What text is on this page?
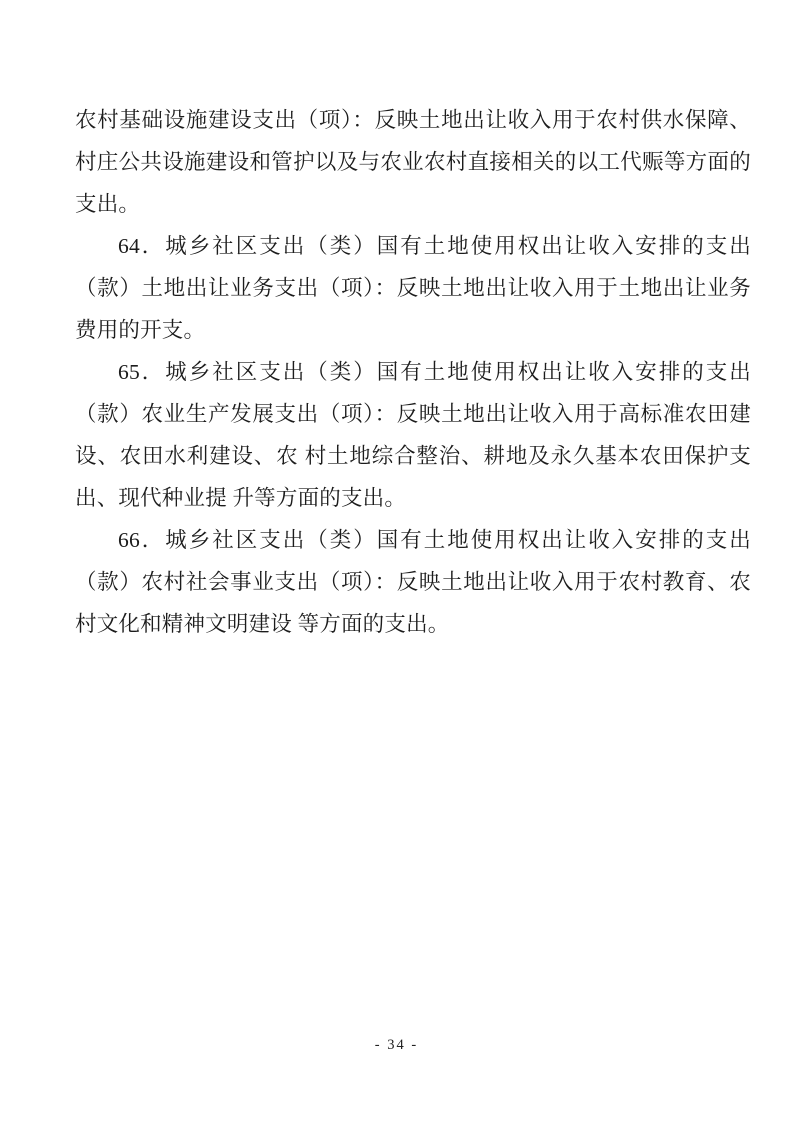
农村基础设施建设支出（项）：反映土地出让收入用于农村供水保障、村庄公共设施建设和管护以及与农业农村直接相关的以工代赈等方面的支出。

64．城乡社区支出（类）国有土地使用权出让收入安排的支出（款）土地出让业务支出（项）：反映土地出让收入用于土地出让业务费用的开支。

65．城乡社区支出（类）国有土地使用权出让收入安排的支出（款）农业生产发展支出（项）：反映土地出让收入用于高标准农田建设、农田水利建设、农 村土地综合整治、耕地及永久基本农田保护支出、现代种业提 升等方面的支出。

66．城乡社区支出（类）国有土地使用权出让收入安排的支出（款）农村社会事业支出（项）：反映土地出让收入用于农村教育、农村文化和精神文明建设 等方面的支出。

- 34 -
